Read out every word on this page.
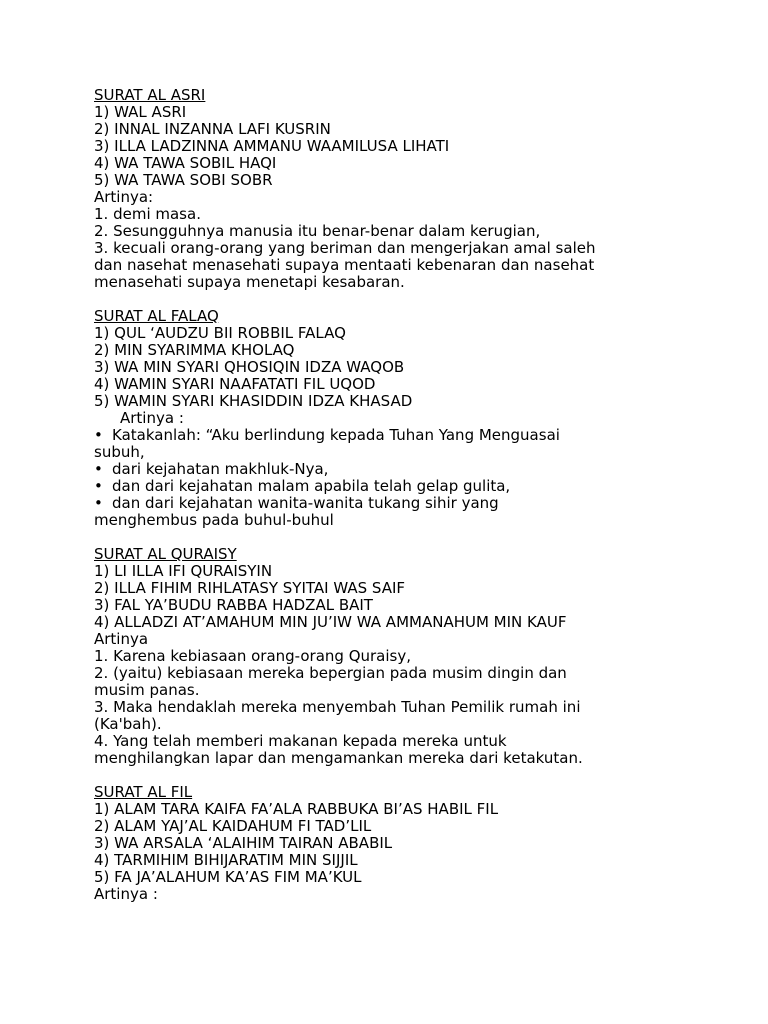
SURAT AL ASRI
1) WAL ASRI
2) INNAL INZANNA LAFI KUSRIN
3) ILLA LADZINNA AMMANU WAAMILUSA LIHATI
4) WA TAWA SOBIL HAQI
5) WA TAWA SOBI SOBR
Artinya:
1. demi masa.
2. Sesungguhnya manusia itu benar-benar dalam kerugian,
3. kecuali orang-orang yang beriman dan mengerjakan amal saleh
dan nasehat menasehati supaya mentaati kebenaran dan nasehat
menasehati supaya menetapi kesabaran.
SURAT AL FALAQ
1) QUL ‘AUDZU BII ROBBIL FALAQ
2) MIN SYARIMMA KHOLAQ
3) WA MIN SYARI QHOSIQIN IDZA WAQOB
4) WAMIN SYARI NAAFATATI FIL UQOD
5) WAMIN SYARI KHASIDDIN IDZA KHASAD
Artinya :
• Katakanlah: “Aku berlindung kepada Tuhan Yang Menguasai
subuh,
• dari kejahatan makhluk-Nya,
• dan dari kejahatan malam apabila telah gelap gulita,
• dan dari kejahatan wanita-wanita tukang sihir yang
menghembus pada buhul-buhul
SURAT AL QURAISY
1) LI ILLA IFI QURAISYIN
2) ILLA FIHIM RIHLATASY SYITAI WAS SAIF
3) FAL YA’BUDU RABBA HADZAL BAIT
4) ALLADZI AT’AMAHUM MIN JU’IW WA AMMANAHUM MIN KAUF
Artinya
1. Karena kebiasaan orang-orang Quraisy,
2. (yaitu) kebiasaan mereka bepergian pada musim dingin dan
musim panas.
3. Maka hendaklah mereka menyembah Tuhan Pemilik rumah ini
(Ka'bah).
4. Yang telah memberi makanan kepada mereka untuk
menghilangkan lapar dan mengamankan mereka dari ketakutan.
SURAT AL FIL
1) ALAM TARA KAIFA FA’ALA RABBUKA BI’AS HABIL FIL
2) ALAM YAJ’AL KAIDAHUM FI TAD’LIL
3) WA ARSALA ‘ALAIHIM TAIRAN ABABIL
4) TARMIHIM BIHIJARATIM MIN SIJJIL
5) FA JA’ALAHUM KA’AS FIM MA’KUL
Artinya :
